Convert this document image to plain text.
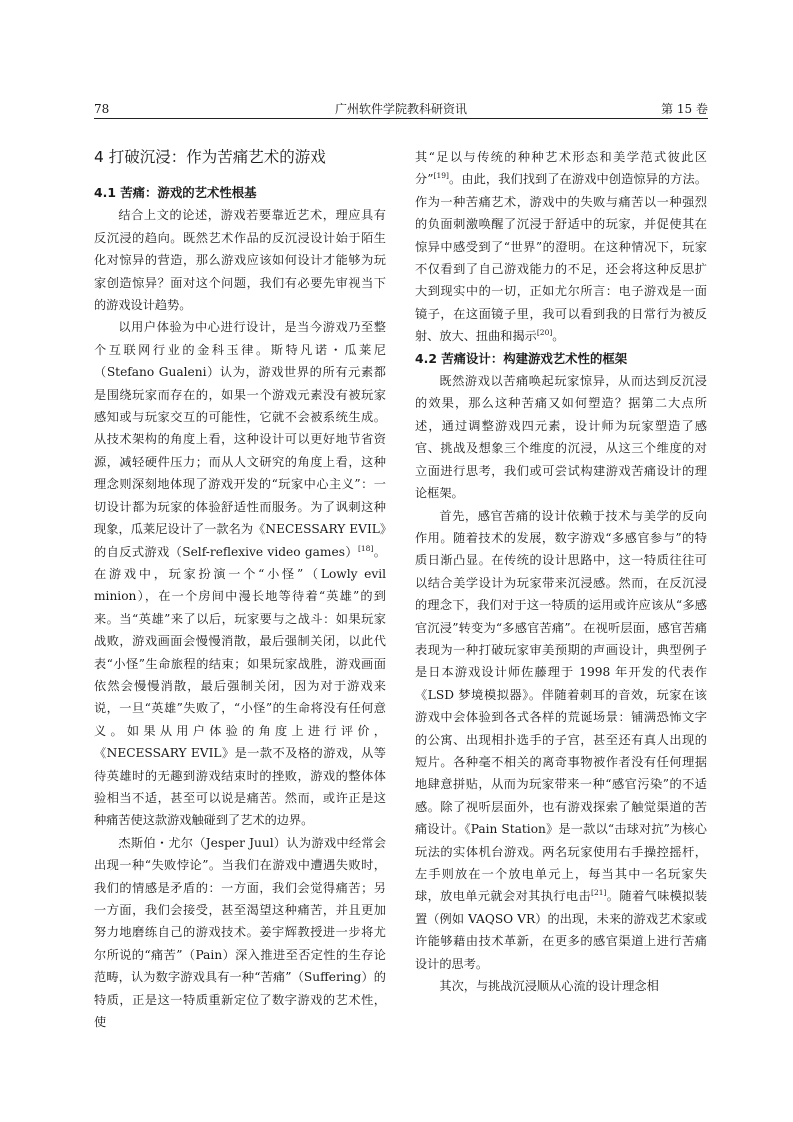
78	广州软件学院教科研资讯	第 15 卷
4 打破沉浸：作为苦痛艺术的游戏
4.1 苦痛：游戏的艺术性根基

结合上文的论述，游戏若要靠近艺术，理应具有反沉浸的趋向。既然艺术作品的反沉浸设计始于陌生化对惊异的营造，那么游戏应该如何设计才能够为玩家创造惊异？面对这个问题，我们有必要先审视当下的游戏设计趋势。

以用户体验为中心进行设计，是当今游戏乃至整个互联网行业的金科玉律。斯特凡诺・瓜莱尼（Stefano Gualeni）认为，游戏世界的所有元素都是围绕玩家而存在的，如果一个游戏元素没有被玩家感知或与玩家交互的可能性，它就不会被系统生成。从技术架构的角度上看，这种设计可以更好地节省资源，减轻硬件压力；而从人文研究的角度上看，这种理念则深刻地体现了游戏开发的“玩家中心主义”：一切设计都为玩家的体验舒适性而服务。为了讽刺这种现象，瓜莱尼设计了一款名为《NECESSARY EVIL》的自反式游戏（Self-reflexive video games）[18]。在游戏中，玩家扮演一个“小怪”（Lowly evil minion），在一个房间中漫长地等待着“英雄”的到来。当“英雄”来了以后，玩家要与之战斗：如果玩家战败，游戏画面会慢慢消散，最后强制关闭，以此代表“小怪”生命旅程的结束；如果玩家战胜，游戏画面依然会慢慢消散，最后强制关闭，因为对于游戏来说，一旦“英雄”失败了，“小怪”的生命将没有任何意义。如果从用户体验的角度上进行评价，《NECESSARY EVIL》是一款不及格的游戏，从等待英雄时的无趣到游戏结束时的挫败，游戏的整体体验相当不适，甚至可以说是痛苦。然而，或许正是这种痛苦使这款游戏触碰到了艺术的边界。

杰斯伯・尤尔（Jesper Juul）认为游戏中经常会出现一种“失败悖论”。当我们在游戏中遭遇失败时，我们的情感是矛盾的：一方面，我们会觉得痛苦；另一方面，我们会接受，甚至渴望这种痛苦，并且更加努力地磨练自己的游戏技术。姜宇辉教授进一步将尤尔所说的“痛苦”（Pain）深入推进至否定性的生存论范畴，认为数字游戏具有一种“苦痛”（Suffering）的特质，正是这一特质重新定位了数字游戏的艺术性，使

其“足以与传统的种种艺术形态和美学范式彼此区分”[19]。由此，我们找到了在游戏中创造惊异的方法。作为一种苦痛艺术，游戏中的失败与痛苦以一种强烈的负面刺激唤醒了沉浸于舒适中的玩家，并促使其在惊异中感受到了“世界”的澄明。在这种情况下，玩家不仅看到了自己游戏能力的不足，还会将这种反思扩大到现实中的一切，正如尤尔所言：电子游戏是一面镜子，在这面镜子里，我可以看到我的日常行为被反射、放大、扭曲和揭示[20]。

4.2 苦痛设计：构建游戏艺术性的框架

既然游戏以苦痛唤起玩家惊异，从而达到反沉浸的效果，那么这种苦痛又如何塑造？据第二大点所述，通过调整游戏四元素，设计师为玩家塑造了感官、挑战及想象三个维度的沉浸，从这三个维度的对立面进行思考，我们或可尝试构建游戏苦痛设计的理论框架。

首先，感官苦痛的设计依赖于技术与美学的反向作用。随着技术的发展，数字游戏“多感官参与”的特质日渐凸显。在传统的设计思路中，这一特质往往可以结合美学设计为玩家带来沉浸感。然而，在反沉浸的理念下，我们对于这一特质的运用或许应该从“多感官沉浸”转变为“多感官苦痛”。在视听层面，感官苦痛表现为一种打破玩家审美预期的声画设计，典型例子是日本游戏设计师佐藤理于 1998 年开发的代表作《LSD 梦境模拟器》。伴随着刺耳的音效，玩家在该游戏中会体验到各式各样的荒诞场景：铺满恐怖文字的公寓、出现相扑选手的子宫，甚至还有真人出现的短片。各种毫不相关的离奇事物被作者没有任何理据地肆意拼贴，从而为玩家带来一种“感官污染”的不适感。除了视听层面外，也有游戏探索了触觉渠道的苦痛设计。《Pain Station》是一款以“击球对抗”为核心玩法的实体机台游戏。两名玩家使用右手操控摇杆，左手则放在一个放电单元上，每当其中一名玩家失球，放电单元就会对其执行电击[21]。随着气味模拟装置（例如 VAQSO VR）的出现，未来的游戏艺术家或许能够藉由技术革新，在更多的感官渠道上进行苦痛设计的思考。

其次，与挑战沉浸顺从心流的设计理念相
